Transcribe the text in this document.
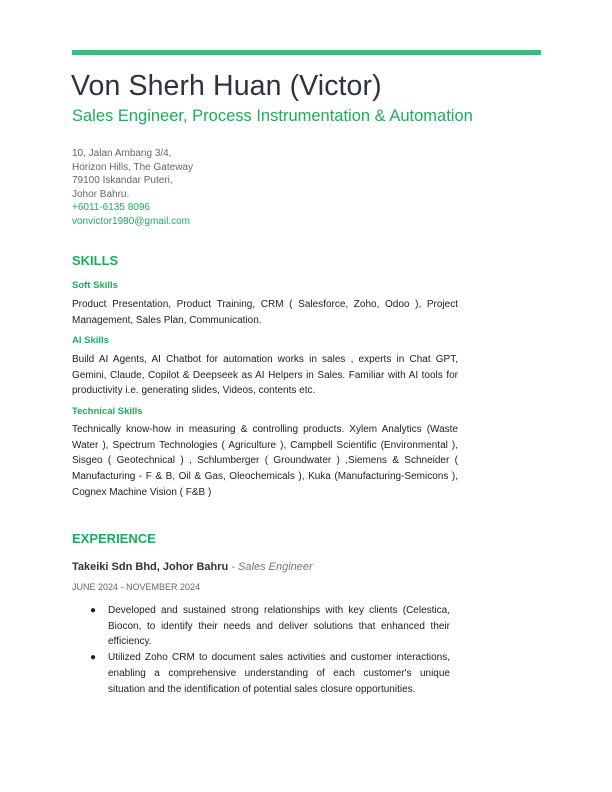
Von Sherh Huan (Victor)
Sales Engineer, Process Instrumentation & Automation
10, Jalan Ambang 3/4,
Horizon Hills, The Gateway
79100 Iskandar Puteri,
Johor Bahru.
+6011-6135 8096
vonvictor1980@gmail.com
SKILLS
Soft Skills
Product Presentation, Product Training, CRM ( Salesforce, Zoho, Odoo ), Project Management, Sales Plan, Communication.
AI Skills
Build AI Agents, AI Chatbot for automation works in sales , experts in Chat GPT, Gemini, Claude, Copilot & Deepseek as AI Helpers in Sales. Familiar with AI tools for productivity i.e. generating slides, Videos, contents etc.
Technical Skills
Technically know-how in measuring & controlling products. Xylem Analytics (Waste Water ), Spectrum Technologies ( Agriculture ), Campbell Scientific (Environmental ), Sisgeo ( Geotechnical ) , Schlumberger ( Groundwater ) ,Siemens & Schneider ( Manufacturing - F & B, Oil & Gas, Oleochemicals ), Kuka (Manufacturing-Semicons ), Cognex Machine Vision ( F&B )
EXPERIENCE
Takeiki Sdn Bhd, Johor Bahru - Sales Engineer
JUNE 2024 - NOVEMBER 2024
● Developed and sustained strong relationships with key clients (Celestica, Biocon, to identify their needs and deliver solutions that enhanced their efficiency.
● Utilized Zoho CRM to document sales activities and customer interactions, enabling a comprehensive understanding of each customer's unique situation and the identification of potential sales closure opportunities.
